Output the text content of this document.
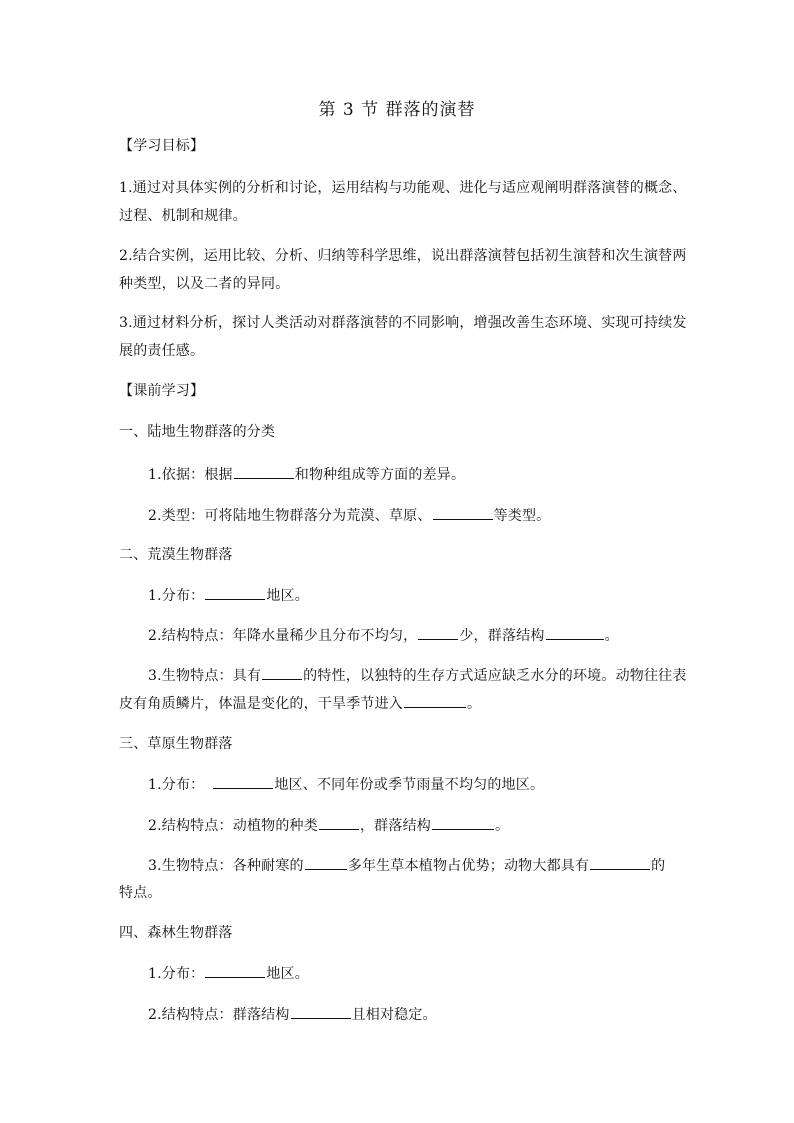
第 3 节 群落的演替
【学习目标】
1.通过对具体实例的分析和讨论，运用结构与功能观、进化与适应观阐明群落演替的概念、
过程、机制和规律。
2.结合实例，运用比较、分析、归纳等科学思维，说出群落演替包括初生演替和次生演替两
种类型，以及二者的异同。
3.通过材料分析，探讨人类活动对群落演替的不同影响，增强改善生态环境、实现可持续发
展的责任感。
【课前学习】
一、陆地生物群落的分类
1.依据：根据	和物种组成等方面的差异。
2.类型：可将陆地生物群落分为荒漠、草原、	等类型。
二、荒漠生物群落
1.分布：	地区。
2.结构特点：年降水量稀少且分布不均匀，	少，群落结构	。
3.生物特点：具有	的特性，以独特的生存方式适应缺乏水分的环境。动物往往表
皮有角质鳞片，体温是变化的，干旱季节进入	。
三、草原生物群落
1.分布：	地区、不同年份或季节雨量不均匀的地区。
2.结构特点：动植物的种类	，群落结构	。
3.生物特点：各种耐寒的	多年生草本植物占优势；动物大都具有	的
特点。
四、森林生物群落
1.分布：	地区。
2.结构特点：群落结构	且相对稳定。
